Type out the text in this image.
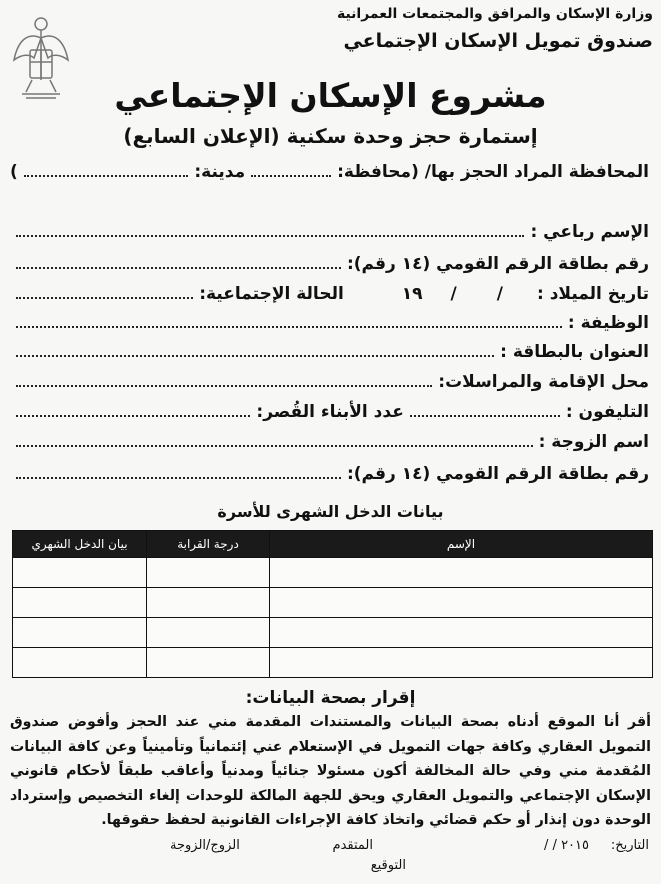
وزارة الإسكان والمرافق والمجتمعات العمرانية
صندوق تمويل الإسكان الإجتماعي
مشروع الإسكان الإجتماعي
إستمارة حجز وحدة سكنية (الإعلان السابع)
المحافظة المراد الحجز بها/ (محافظة:
مدينة:
)
الإسم رباعي :
رقم بطاقة الرقم القومي (١٤ رقم):
تاريخ الميلاد :
/
/
١٩
الحالة الإجتماعية:
الوظيفة :
العنوان بالبطاقة :
محل الإقامة والمراسلات:
التليفون :
عدد الأبناء القُصر:
اسم الزوجة :
رقم بطاقة الرقم القومي (١٤ رقم):
بيانات الدخل الشهرى للأسرة
الإسم	درجة القرابة	بيان الدخل الشهري

إقرار بصحة البيانات:
أقر أنا الموقع أدناه بصحة البيانات والمستندات المقدمة مني عند الحجز وأفوض صندوق التمويل العقاري وكافة جهات التمويل في الإستعلام عني إئتمانياً وتأمينياً وعن كافة البيانات المُقدمة مني وفي حالة المخالفة أكون مسئولا جنائياً ومدنياً وأعاقب طبقاً لأحكام قانوني الإسكان الإجتماعي والتمويل العقاري ويحق للجهة المالكة للوحدات إلغاء التخصيص وإسترداد الوحدة دون إنذار أو حكم قضائي واتخاذ كافة الإجراءات القانونية لحفظ حقوقها.
التاريخ:
/ / ٢٠١٥
المتقدم
الزوج/الزوجة
التوقيع
